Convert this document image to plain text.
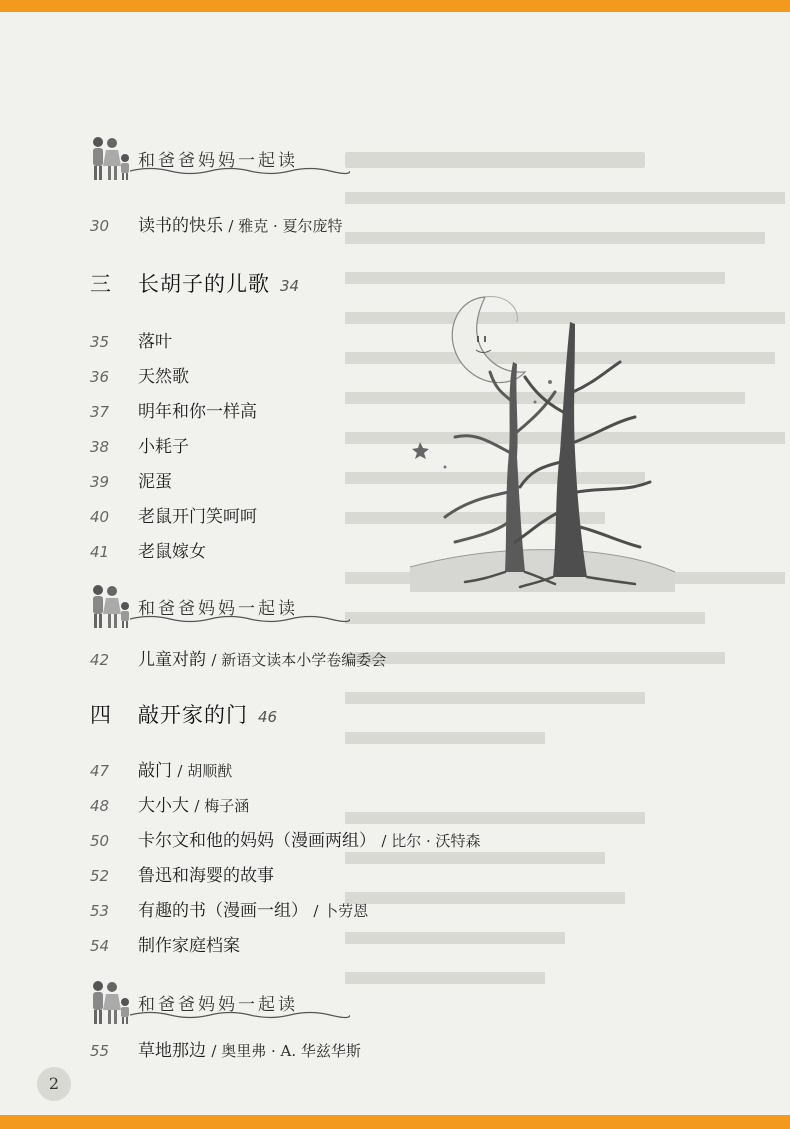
和爸爸妈妈一起读
30 读书的快乐 / 雅克 · 夏尔庞特
三 长胡子的儿歌 34
35 落叶
36 天然歌
37 明年和你一样高
38 小耗子
39 泥蛋
40 老鼠开门笑呵呵
41 老鼠嫁女
和爸爸妈妈一起读
42 儿童对韵 / 新语文读本小学卷编委会
四 敲开家的门 46
47 敲门 / 胡顺猷
48 大小大 / 梅子涵
50 卡尔文和他的妈妈（漫画两组） / 比尔 · 沃特森
52 鲁迅和海婴的故事
53 有趣的书（漫画一组） / 卜劳恩
54 制作家庭档案
和爸爸妈妈一起读
55 草地那边 / 奥里弗 · A. 华兹华斯
2
